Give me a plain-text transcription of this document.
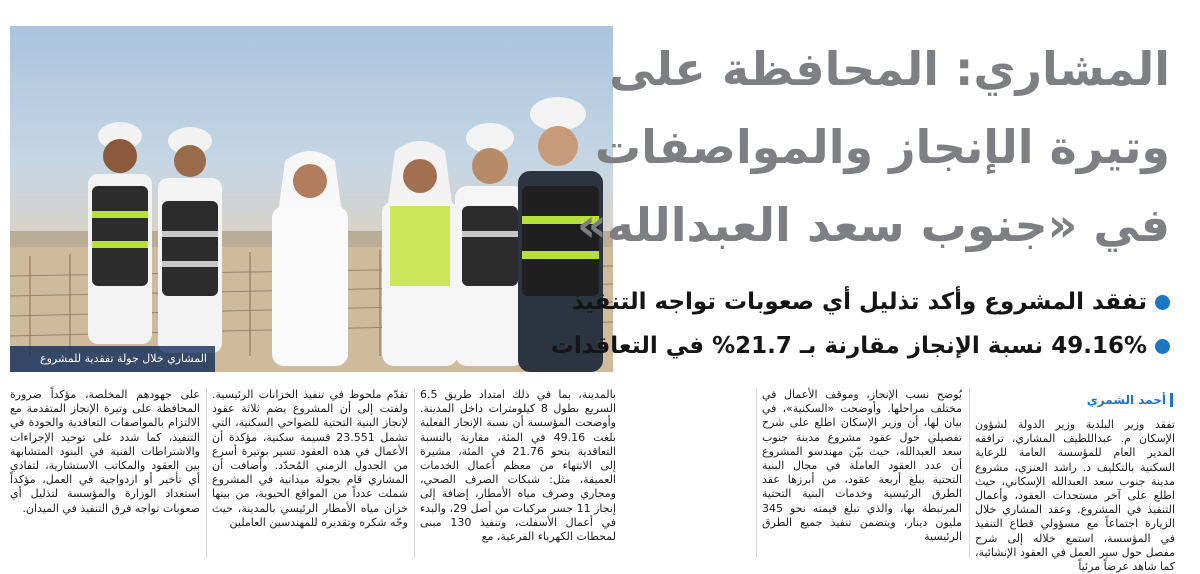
المشاري خلال جولة تفقدية للمشروع
المشاري: المحافظة على
وتيرة الإنجاز والمواصفات
في «جنوب سعد العبدالله»
تفقد المشروع وأكد تذليل أي صعوبات تواجه التنفيذ
49.16% نسبة الإنجاز مقارنة بـ 21.7% في التعاقدات
أحمد الشمري

تفقد وزير البلدية وزير الدولة لشؤون الإسكان م. عبداللطيف المشاري، ترافقه المدير العام للمؤسسة العامة للرعاية السكنية بالتكليف د. راشد العنزي، مشروع مدينة جنوب سعد العبدالله الإسكاني، حيث اطلع على آخر مستجدات العقود، وأعمال التنفيذ في المشروع. وعقد المشاري خلال الزيارة اجتماعاً مع مسؤولي قطاع التنفيذ في المؤسسة، استمع خلاله إلى شرح مفصل حول سير العمل في العقود الإنشائية، كما شاهد عرضاً مرئياً

يُوضح نسب الإنجاز، وموقف الأعمال في مختلف مراحلها. وأوضحت «السكنية»، في بيان لها، أن وزير الإسكان اطلع على شرح تفصيلي حول عقود مشروع مدينة جنوب سعد العبدالله، حيث بيّن مهندسو المشروع أن عدد العقود العاملة في مجال البنية التحتية يبلغ أربعة عقود، من أبرزها عقد الطرق الرئيسية وخدمات البنية التحتية المرتبطة بها، والذي تبلغ قيمته نحو 345 مليون دينار، ويتضمن تنفيذ جميع الطرق الرئيسية

بالمدينة، بما في ذلك امتداد طريق 6.5 السريع بطول 8 كيلومترات داخل المدينة. وأوضحت المؤسسة أن نسبة الإنجاز الفعلية بلغت 49.16 في المئة، مقارنة بالنسبة التعاقدية بنحو 21.76 في المئة، مشيرة إلى الانتهاء من معظم أعمال الخدمات العميقة، مثل: شبكات الصرف الصحي، ومجاري وصرف مياه الأمطار، إضافة إلى إنجاز 11 جسر مركبات من أصل 29، والبدء في أعمال الأسفلت، وتنفيذ 130 مبنى لمحطات الكهرباء الفرعية، مع

تقدّم ملحوظ في تنفيذ الخزانات الرئيسية. ولفتت إلى أن المشروع يضم ثلاثة عقود لإنجاز البنية التحتية للضواحي السكنية، التي تشمل 23.551 قسيمة سكنية، مؤكدة أن الأعمال في هذه العقود تسير بوتيرة أسرع من الجدول الزمني المُحدّد. وأضافت أن المشاري قام بجولة ميدانية في المشروع شملت عدداً من المواقع الحيوية، من بينها خزان مياه الأمطار الرئيسي بالمدينة، حيث وجّه شكره وتقديره للمهندسين العاملين

على جهودهم المخلصة، مؤكداً ضرورة المحافظة على وتيرة الإنجاز المتقدمة مع الالتزام بالمواصفات التعاقدية والجودة في التنفيذ، كما شدد على توحيد الإجراءات والاشتراطات الفنية في البنود المتشابهة بين العقود والمكاتب الاستشارية، لتفادي أي تأخير أو ازدواجية في العمل، مؤكداً استعداد الوزارة والمؤسسة لتذليل أي صعوبات تواجه فرق التنفيذ في الميدان.
